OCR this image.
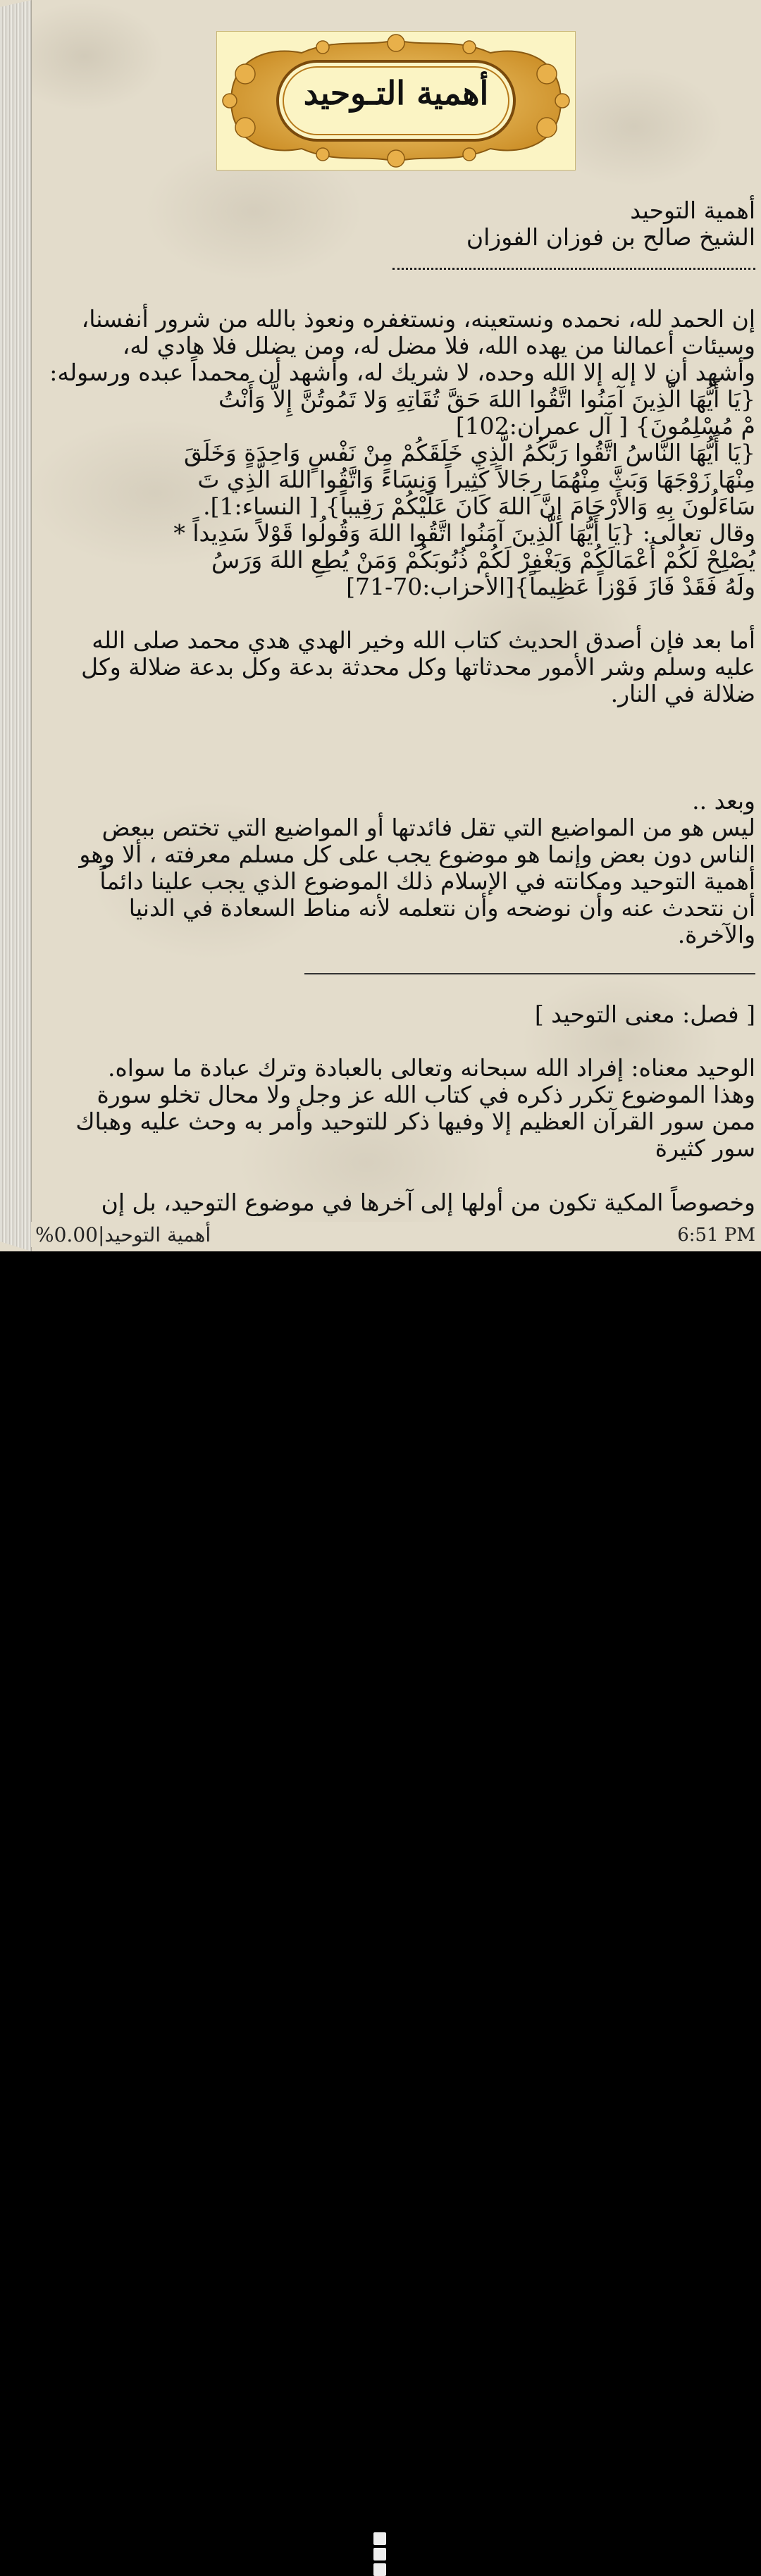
أهمية التـوحيد
أهمية التوحيد
الشيخ صالح بن فوزان الفوزان
إن الحمد لله، نحمده ونستعينه، ونستغفره ونعوذ بالله من شرور أنفسنا،
وسيئات أعمالنا من يهده الله، فلا مضل له، ومن يضلل فلا هادي له،
وأشهد أن لا إله إلا الله وحده، لا شريك له، وأشهد أن محمداً عبده ورسوله:
{يَا أَيُّهَا الَّذِينَ آمَنُوا اتَّقُوا اللهَ حَقَّ تُقَاتِهِ وَلا تَمُوتُنَّ إِلاَّ وَأَنْتُ
مْ مُسْلِمُونَ} [ آل عمران:102]
{يَا أَيُّهَا النَّاسُ اتَّقُوا رَبَّكُمُ الَّذِي خَلَقَكُمْ مِنْ نَفْسٍ وَاحِدَةٍ وَخَلَقَ
مِنْهَا زَوْجَهَا وَبَثَّ مِنْهُمَا رِجَالاً كَثِيراً وَنِسَاءً وَاتَّقُوا اللهَ الَّذِي تَ
سَاءَلُونَ بِهِ وَالأَرْحَامَ إِنَّ اللهَ كَانَ عَلَيْكُمْ رَقِيباً} [ النساء:1].
وقال تعالى: {يَا أَيُّهَا الَّذِينَ آمَنُوا اتَّقُوا اللهَ وَقُولُوا قَوْلاً سَدِيداً *
يُصْلِحْ لَكُمْ أَعْمَالَكُمْ وَيَغْفِرْ لَكُمْ ذُنُوبَكُمْ وَمَنْ يُطِعِ اللهَ وَرَسُ
ولَهُ فَقَدْ فَازَ فَوْزاً عَظِيماً}[الأحزاب:70-71]
أما بعد فإن أصدق الحديث كتاب الله وخير الهدي هدي محمد صلى الله
عليه وسلم وشر الأمور محدثاتها وكل محدثة بدعة وكل بدعة ضلالة وكل
ضلالة في النار.
وبعد ..
ليس هو من المواضيع التي تقل فائدتها أو المواضيع التي تختص ببعض
الناس دون بعض وإنما هو موضوع يجب على كل مسلم معرفته ، ألا وهو
أهمية التوحيد ومكانته في الإسلام ذلك الموضوع الذي يجب علينا دائماً
أن نتحدث عنه وأن نوضحه وأن نتعلمه لأنه مناط السعادة في الدنيا
والآخرة.
[ فصل: معنى التوحيد ]
الوحيد معناه: إفراد الله سبحانه وتعالى بالعبادة وترك عبادة ما سواه.
وهذا الموضوع تكرر ذكره في كتاب الله عز وجل ولا محال تخلو سورة
ممن سور القرآن العظيم إلا وفيها ذكر للتوحيد وأمر به وحث عليه وهباك
سور كثيرة
وخصوصاً المكية تكون من أولها إلى آخرها في موضوع التوحيد، بل إن
%0.00|أهمية التوحيد	6:51 PM
